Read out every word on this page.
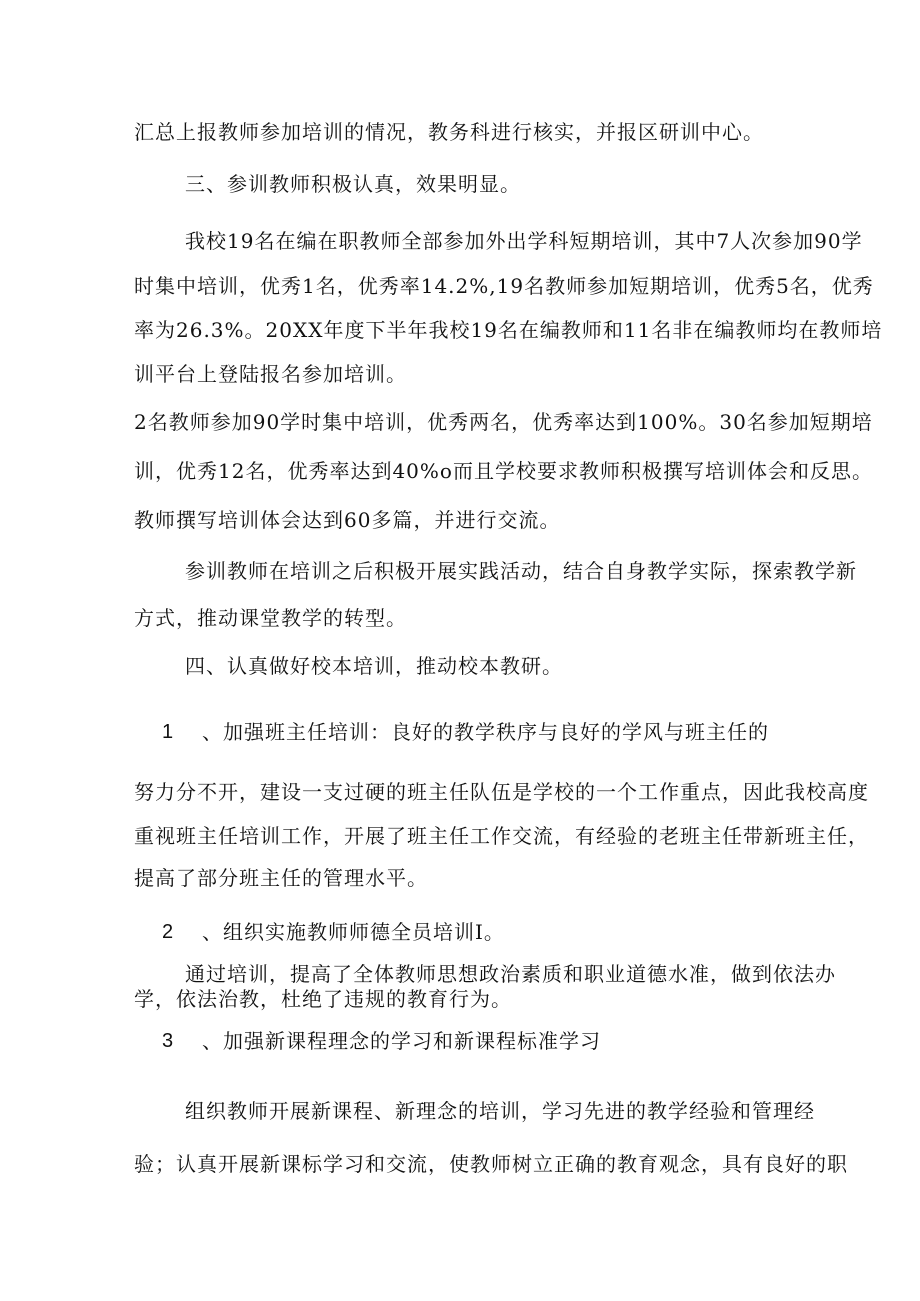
汇总上报教师参加培训的情况，教务科进行核实，并报区研训中心。
三、参训教师积极认真，效果明显。
我校19名在编在职教师全部参加外出学科短期培训，其中7人次参加90学
时集中培训，优秀1名，优秀率14.2%,19名教师参加短期培训，优秀5名，优秀
率为26.3%。20XX年度下半年我校19名在编教师和11名非在编教师均在教师培
训平台上登陆报名参加培训。
2名教师参加90学时集中培训，优秀两名，优秀率达到100%。30名参加短期培
训，优秀12名，优秀率达到40%o而且学校要求教师积极撰写培训体会和反思。
教师撰写培训体会达到60多篇，并进行交流。
参训教师在培训之后积极开展实践活动，结合自身教学实际，探索教学新
方式，推动课堂教学的转型。
四、认真做好校本培训，推动校本教研。
1 、加强班主任培训：良好的教学秩序与良好的学风与班主任的
努力分不开，建设一支过硬的班主任队伍是学校的一个工作重点，因此我校高度
重视班主任培训工作，开展了班主任工作交流，有经验的老班主任带新班主任，
提高了部分班主任的管理水平。
2 、组织实施教师师德全员培训I。
通过培训，提高了全体教师思想政治素质和职业道德水准，做到依法办
学，依法治教，杜绝了违规的教育行为。
3 、加强新课程理念的学习和新课程标准学习
组织教师开展新课程、新理念的培训，学习先进的教学经验和管理经
验；认真开展新课标学习和交流，使教师树立正确的教育观念，具有良好的职
